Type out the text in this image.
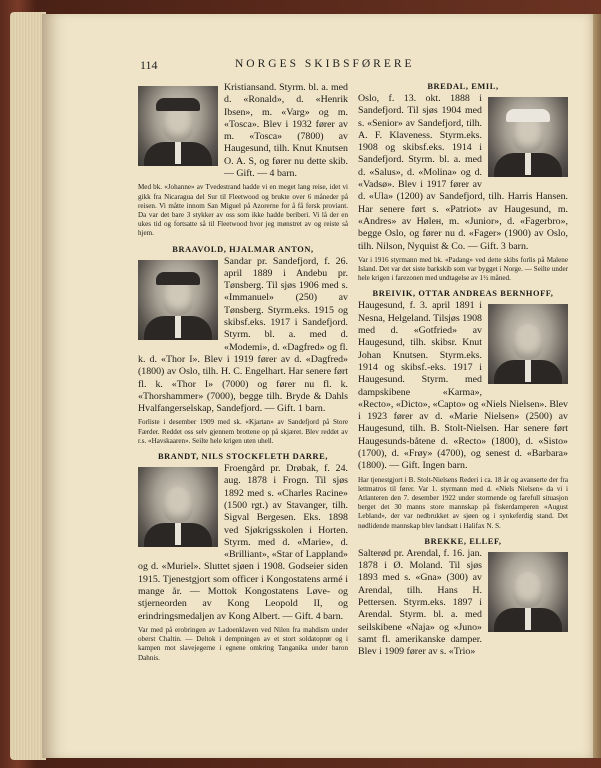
114	NORGES SKIBSFØRERE

Kristiansand. Styrm. bl. a. med d. «Ronald», d. «Henrik Ibsen», m. «Varg» og m. «Tosca». Blev i 1932 fører av m. «Tosca» (7800) av Haugesund, tilh. Knut Knutsen O. A. S, og fører nu dette skib. — Gift. — 4 barn.

Med bk. «Johanne» av Tvedestrand hadde vi en meget lang reise, idet vi gikk fra Nicaragua del Sur til Fleetwood og brukte over 6 måneder på reisen. Vi måtte innom San Miguel på Azorerne for å få fersk proviant. Da var det bare 3 stykker av oss som ikke hadde beriberi. Vi lå der en ukes tid og fortsatte så til Fleetwood hvor jeg mønstret av og reiste så hjem.

BRAAVOLD, HJALMAR ANTON,

Sandar pr. Sandefjord, f. 26. april 1889 i Andebu pr. Tønsberg. Til sjøs 1906 med s. «Immanuel» (250) av Tønsberg. Styrm.eks. 1915 og skibsf.eks. 1917 i Sandefjord. Styrm. bl. a. med d. «Modemi», d. «Dagfred» og fl. k. d. «Thor I». Blev i 1919 fører av d. «Dagfred» (1800) av Oslo, tilh. H. C. Engelhart. Har senere ført fl. k. «Thor I» (7000) og fører nu fl. k. «Thorshammer» (7000), begge tilh. Bryde & Dahls Hvalfangerselskap, Sandefjord. — Gift. 1 barn.

Forliste i desember 1909 med sk. «Kjartan» av Sandefjord på Store Færder. Reddet oss selv gjennem brottene op på skjæret. Blev reddet av r.s. «Havskaaren». Seilte hele krigen uten uhell.

BRANDT, NILS STOCKFLETH DARRE,

Froengård pr. Drøbak, f. 24. aug. 1878 i Frogn. Til sjøs 1892 med s. «Charles Racine» (1500 rgt.) av Stavanger, tilh. Sigval Bergesen. Eks. 1898 ved Sjøkrigsskolen i Horten. Styrm. med d. «Marie», d. «Brilliant», «Star of Lappland» og d. «Muriel». Sluttet sjøen i 1908. Godseier siden 1915. Tjenestgjort som officer i Kongostatens armé i mange år. — Mottok Kongostatens Løve- og stjerneorden av Kong Leopold II, og erindringsmedaljen av Kong Albert. — Gift. 4 barn.

Var med på erobringen av Ladoenklaven ved Nilen fra mahdism under oberst Chaltin. — Deltok i dempningen av et stort soldatoprør og i kampen mot slavejegerne i egnene omkring Tanganika under baron Dahnis.

BREDAL, EMIL,

Oslo, f. 13. okt. 1888 i Sandefjord. Til sjøs 1904 med s. «Senior» av Sandefjord, tilh. A. F. Klaveness. Styrm.eks. 1908 og skibsf.eks. 1914 i Sandefjord. Styrm. bl. a. med d. «Salus», d. «Molina» og d. «Vadsø». Blev i 1917 fører av d. «Ula» (1200) av Sandefjord, tilh. Harris Hansen. Har senere ført s. «Patriot» av Haugesund, m. «Andres» av Høleн, m. «Junior», d. «Fagerbro», begge Oslo, og fører nu d. «Fager» (1900) av Oslo, tilh. Nilson, Nyquist & Co. — Gift. 3 barn.

Var i 1916 styrmann med bk. «Padang» ved dette skibs forlis på Malene Island. Det var det siste barkskib som var bygget i Norge. — Seilte under hele krigen i farezonen med undtagelse av 1½ måned.

BREIVIK, OTTAR ANDREAS BERNHOFF,

Haugesund, f. 3. april 1891 i Nesna, Helgeland. Tilsjøs 1908 med d. «Gotfried» av Haugesund, tilh. skibsr. Knut Johan Knutsen. Styrm.eks. 1914 og skibsf.-eks. 1917 i Haugesund. Styrm. med dampskibene «Karma», «Recto», «Dicto», «Capto» og «Niels Nielsen». Blev i 1923 fører av d. «Marie Nielsen» (2500) av Haugesund, tilh. B. Stolt-Nielsen. Har senere ført Haugesunds-båtene d. «Recto» (1800), d. «Sisto» (1700), d. «Frøy» (4700), og senest d. «Barbara» (1800). — Gift. Ingen barn.

Har tjenestgjort i B. Stolt-Nielsens Rederi i ca. 18 år og avanserte der fra lettmatros til fører. Var 1. styrmann med d. «Niels Nielsen» da vi i Atlanteren den 7. desember 1922 under stormende og farefull situasjon berget det 30 manns store mannskap på fiskerdamperen «August Lebland», der var nedbrukket av sjøen og i synkeferdig stand. Det nødlidende mannskap blev landsatt i Halifax N. S.

BREKKE, ELLEF,

Salterød pr. Arendal, f. 16. jan. 1878 i Ø. Moland. Til sjøs 1893 med s. «Gna» (300) av Arendal, tilh. Hans H. Pettersen. Styrm.eks. 1897 i Arendal. Styrm. bl. a. med seilskibene «Naja» og «Juno» samt fl. amerikanske damper. Blev i 1909 fører av s. «Trio»
